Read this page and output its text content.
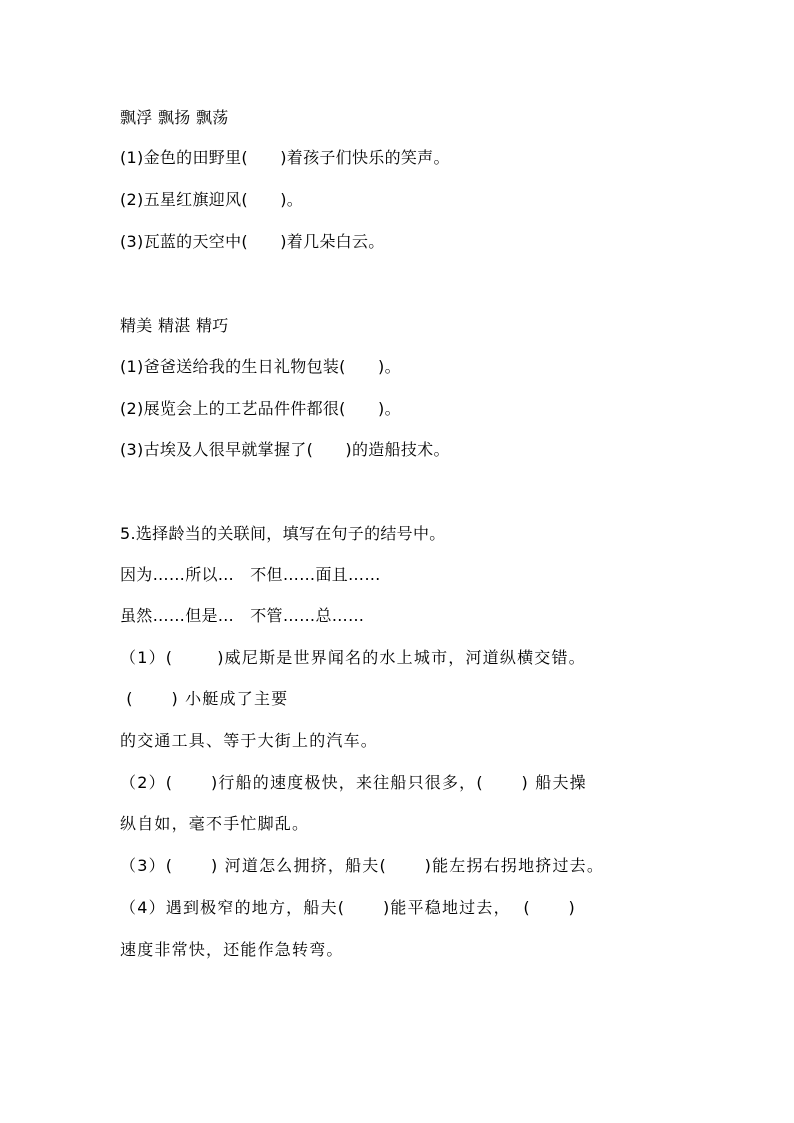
飘浮 飘扬 飘荡
(1)金色的田野里(      )着孩子们快乐的笑声。
(2)五星红旗迎风(      )。
(3)瓦蓝的天空中(      )着几朵白云。
精美 精湛 精巧
(1)爸爸送给我的生日礼物包装(      )。
(2)展览会上的工艺品件件都很(      )。
(3)古埃及人很早就掌握了(      )的造船技术。
5.选择龄当的关联间，填写在句子的结号中。
因为……所以…   不但……面且……
虽然……但是…   不管……总……
（1）(       )威尼斯是世界闻名的水上城市，河道纵横交错。
(      ) 小艇成了主要
的交通工具、等于大街上的汽车。
（2）(      )行船的速度极快，来往船只很多，(      ) 船夫操
纵自如，毫不手忙脚乱。
（3）(      ) 河道怎么拥挤，船夫(      )能左拐右拐地挤过去。
（4）遇到极窄的地方，船夫(      )能平稳地过去，  (      )
速度非常快，还能作急转弯。
